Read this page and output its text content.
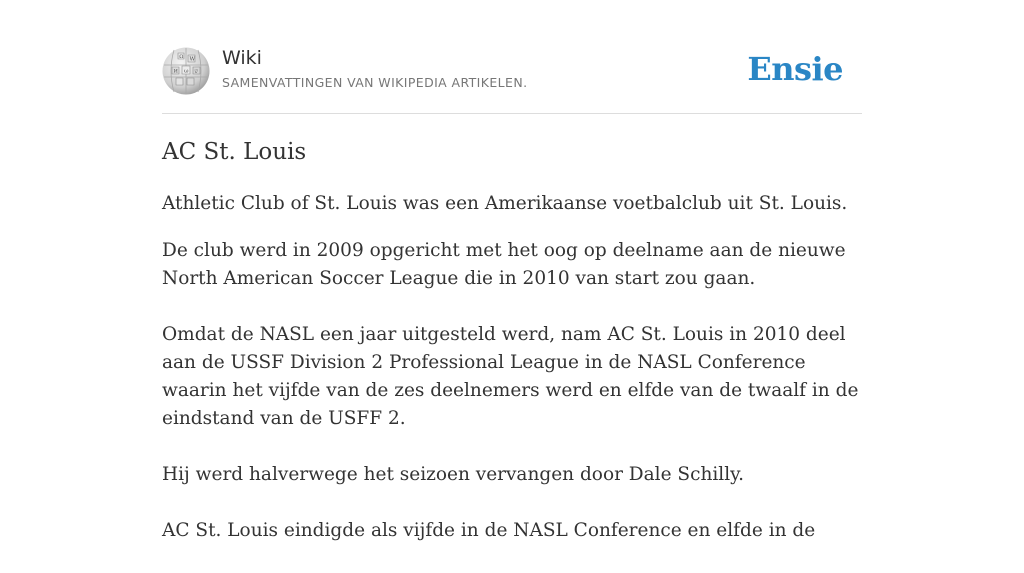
Ω W
И ω ש
Wiki
SAMENVATTINGEN VAN WIKIPEDIA ARTIKELEN.	Ensie
AC St. Louis

Athletic Club of St. Louis was een Amerikaanse voetbalclub uit St. Louis.

De club werd in 2009 opgericht met het oog op deelname aan de nieuwe North American Soccer League die in 2010 van start zou gaan.

Omdat de NASL een jaar uitgesteld werd, nam AC St. Louis in 2010 deel aan de USSF Division 2 Professional League in de NASL Conference waarin het vijfde van de zes deelnemers werd en elfde van de twaalf in de eindstand van de USFF 2.

Hij werd halverwege het seizoen vervangen door Dale Schilly.

AC St. Louis eindigde als vijfde in de NASL Conference en elfde in de
